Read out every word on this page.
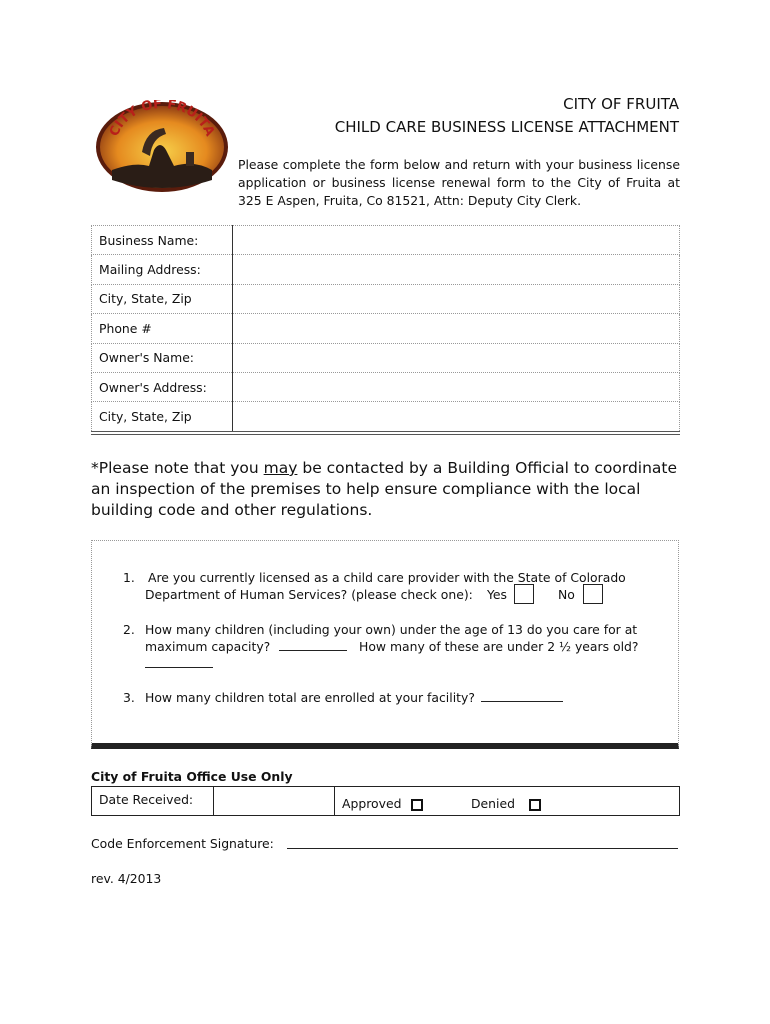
CITY OF FRUITA
CITY OF FRUITA
CHILD CARE BUSINESS LICENSE ATTACHMENT
Please complete the form below and return with your business license application or business license renewal form to the City of Fruita at 325 E Aspen, Fruita, Co 81521, Attn: Deputy City Clerk.
Business Name:	
Mailing Address:	
City, State, Zip	
Phone #	
Owner's Name:	
Owner's Address:	
City, State, Zip	
*Please note that you may be contacted by a Building Official to coordinate an inspection of the premises to help ensure compliance with the local building code and other regulations.
1. Are you currently licensed as a child care provider with the State of Colorado
Department of Human Services? (please check one): Yes	No
2. How many children (including your own) under the age of 13 do you care for at
maximum capacity?	How many of these are under 2 ½ years old?
3. How many children total are enrolled at your facility?
City of Fruita Office Use Only
Date Received:	Approved	Denied
Code Enforcement Signature:
rev. 4/2013
